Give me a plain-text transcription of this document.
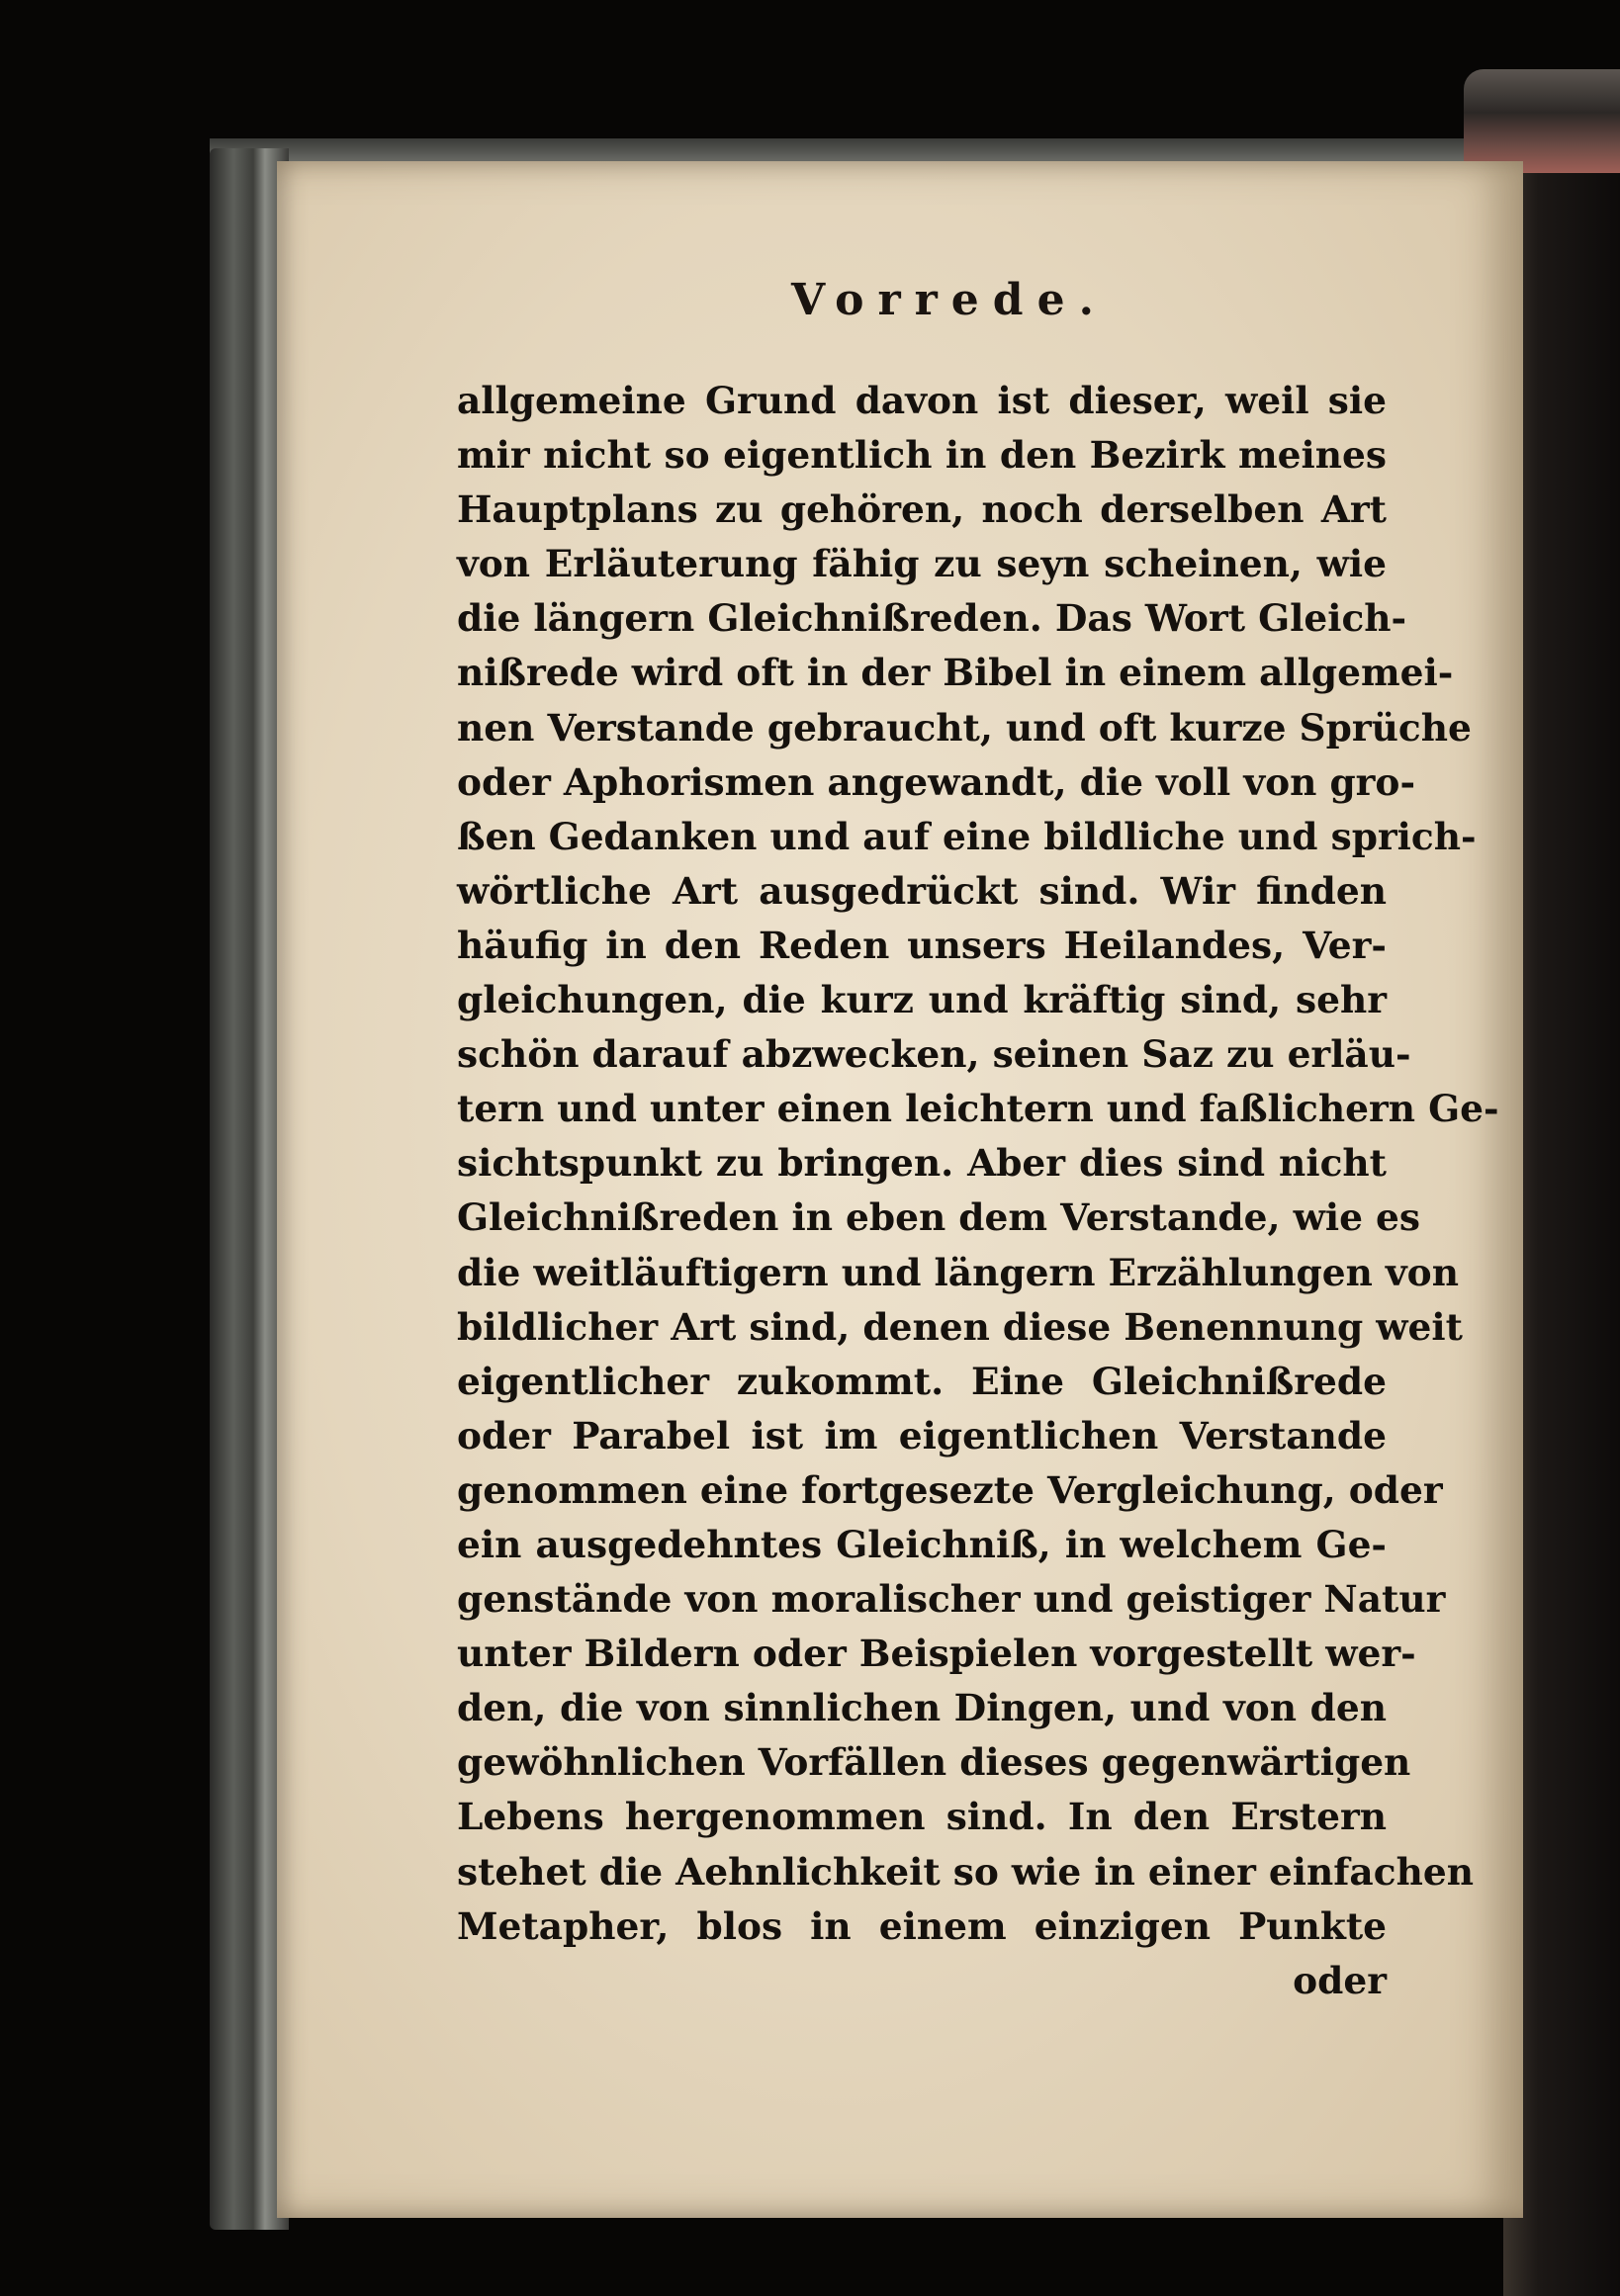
Vorrede.
allgemeine Grund davon ist dieser, weil sie
mir nicht so eigentlich in den Bezirk meines
Hauptplans zu gehören, noch derselben Art
von Erläuterung fähig zu seyn scheinen, wie
die längern Gleichnißreden. Das Wort Gleich-
nißrede wird oft in der Bibel in einem allgemei-
nen Verstande gebraucht, und oft kurze Sprüche
oder Aphorismen angewandt, die voll von gro-
ßen Gedanken und auf eine bildliche und sprich-
wörtliche Art ausgedrückt sind. Wir finden
häufig in den Reden unsers Heilandes, Ver-
gleichungen, die kurz und kräftig sind, sehr
schön darauf abzwecken, seinen Saz zu erläu-
tern und unter einen leichtern und faßlichern Ge-
sichtspunkt zu bringen. Aber dies sind nicht
Gleichnißreden in eben dem Verstande, wie es
die weitläuftigern und längern Erzählungen von
bildlicher Art sind, denen diese Benennung weit
eigentlicher zukommt. Eine Gleichnißrede
oder Parabel ist im eigentlichen Verstande
genommen eine fortgesezte Vergleichung, oder
ein ausgedehntes Gleichniß, in welchem Ge-
genstände von moralischer und geistiger Natur
unter Bildern oder Beispielen vorgestellt wer-
den, die von sinnlichen Dingen, und von den
gewöhnlichen Vorfällen dieses gegenwärtigen
Lebens hergenommen sind. In den Erstern
stehet die Aehnlichkeit so wie in einer einfachen
Metapher, blos in einem einzigen Punkte
oder
